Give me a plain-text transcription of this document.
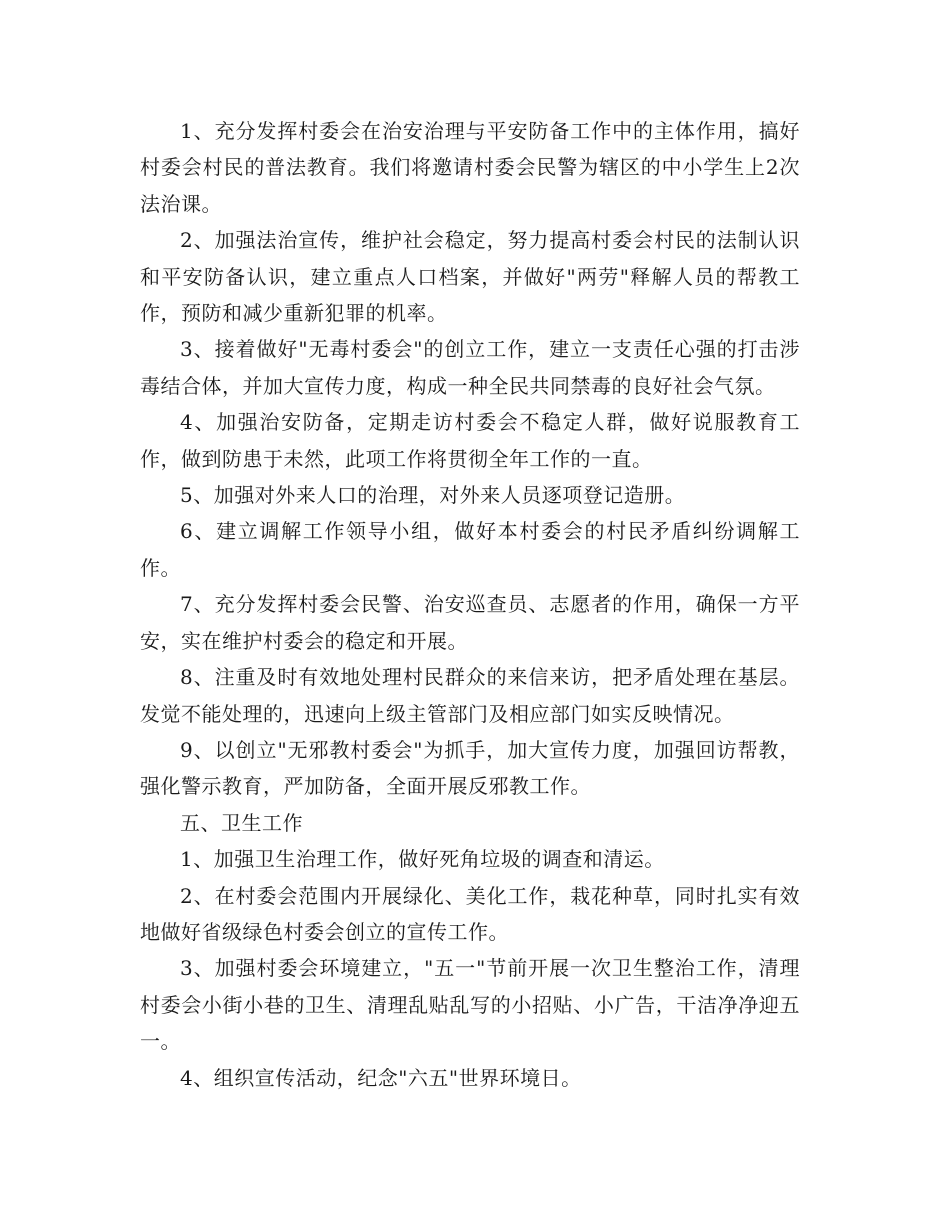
1、充分发挥村委会在治安治理与平安防备工作中的主体作用，搞好村委会村民的普法教育。我们将邀请村委会民警为辖区的中小学生上2次法治课。

2、加强法治宣传，维护社会稳定，努力提高村委会村民的法制认识和平安防备认识，建立重点人口档案，并做好"两劳"释解人员的帮教工作，预防和减少重新犯罪的机率。

3、接着做好"无毒村委会"的创立工作，建立一支责任心强的打击涉毒结合体，并加大宣传力度，构成一种全民共同禁毒的良好社会气氛。

4、加强治安防备，定期走访村委会不稳定人群，做好说服教育工作，做到防患于未然，此项工作将贯彻全年工作的一直。

5、加强对外来人口的治理，对外来人员逐项登记造册。

6、建立调解工作领导小组，做好本村委会的村民矛盾纠纷调解工作。

7、充分发挥村委会民警、治安巡查员、志愿者的作用，确保一方平安，实在维护村委会的稳定和开展。

8、注重及时有效地处理村民群众的来信来访，把矛盾处理在基层。发觉不能处理的，迅速向上级主管部门及相应部门如实反映情况。

9、以创立"无邪教村委会"为抓手，加大宣传力度，加强回访帮教，强化警示教育，严加防备，全面开展反邪教工作。

五、卫生工作

1、加强卫生治理工作，做好死角垃圾的调查和清运。

2、在村委会范围内开展绿化、美化工作，栽花种草，同时扎实有效地做好省级绿色村委会创立的宣传工作。

3、加强村委会环境建立，"五一"节前开展一次卫生整治工作，清理村委会小街小巷的卫生、清理乱贴乱写的小招贴、小广告，干洁净净迎五一。

4、组织宣传活动，纪念"六五"世界环境日。
